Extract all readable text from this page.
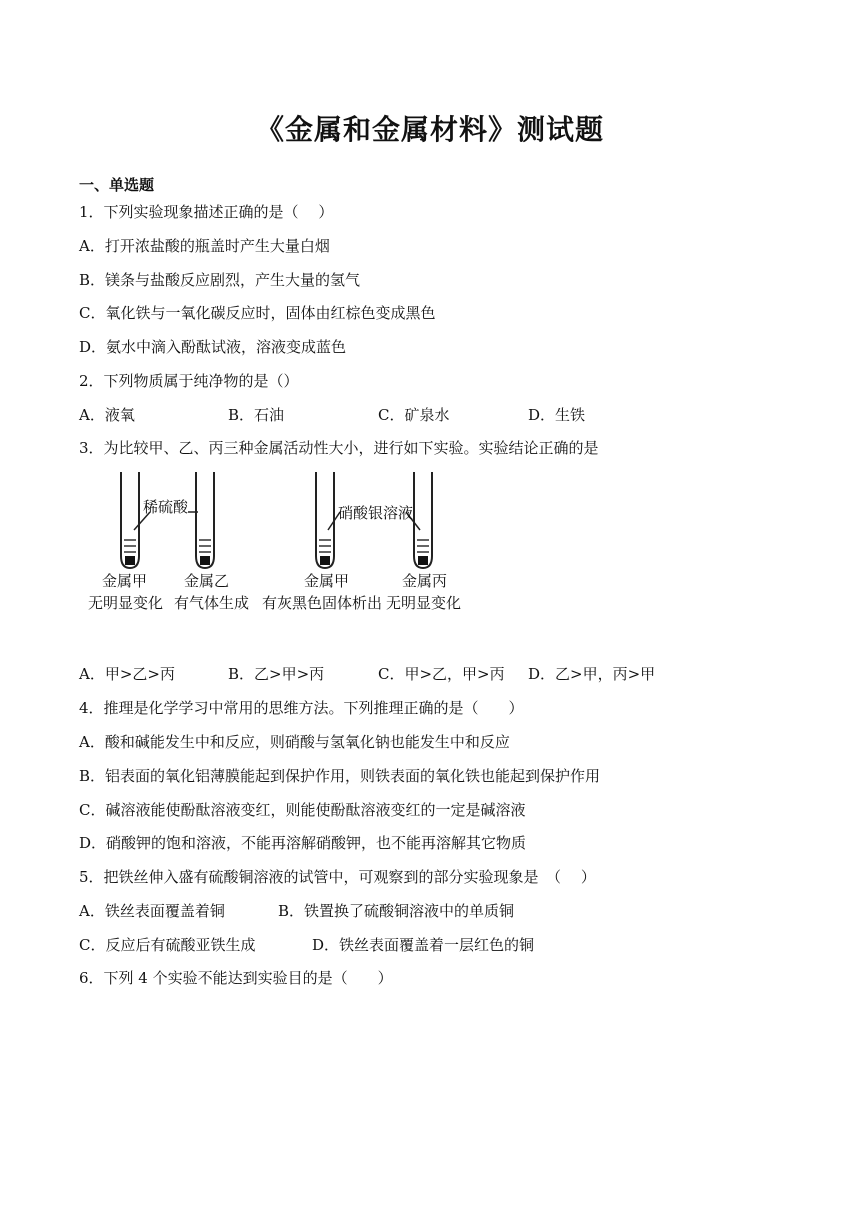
《金属和金属材料》测试题
一、单选题
1．下列实验现象描述正确的是（　 ）
A．打开浓盐酸的瓶盖时产生大量白烟
B．镁条与盐酸反应剧烈，产生大量的氢气
C．氧化铁与一氧化碳反应时，固体由红棕色变成黑色
D．氨水中滴入酚酞试液，溶液变成蓝色
2．下列物质属于纯净物的是（）
A．液氧	B．石油	C．矿泉水	D．生铁
3．为比较甲、乙、丙三种金属活动性大小，进行如下实验。实验结论正确的是
稀硫酸	硝酸银溶液
金属甲 金属乙	金属甲	金属丙
无明显变化 有气体生成 有灰黑色固体析出 无明显变化
A．甲>乙>丙	B．乙>甲>丙	C．甲>乙，甲>丙 D．乙>甲，丙>甲
4．推理是化学学习中常用的思维方法。下列推理正确的是（　　）
A．酸和碱能发生中和反应，则硝酸与氢氧化钠也能发生中和反应
B．铝表面的氧化铝薄膜能起到保护作用，则铁表面的氧化铁也能起到保护作用
C．碱溶液能使酚酞溶液变红，则能使酚酞溶液变红的一定是碱溶液
D．硝酸钾的饱和溶液，不能再溶解硝酸钾，也不能再溶解其它物质
5．把铁丝伸入盛有硫酸铜溶液的试管中，可观察到的部分实验现象是　（　 ）
A．铁丝表面覆盖着铜	B．铁置换了硫酸铜溶液中的单质铜
C．反应后有硫酸亚铁生成	D．铁丝表面覆盖着一层红色的铜
6．下列 4 个实验不能达到实验目的是（　　）
